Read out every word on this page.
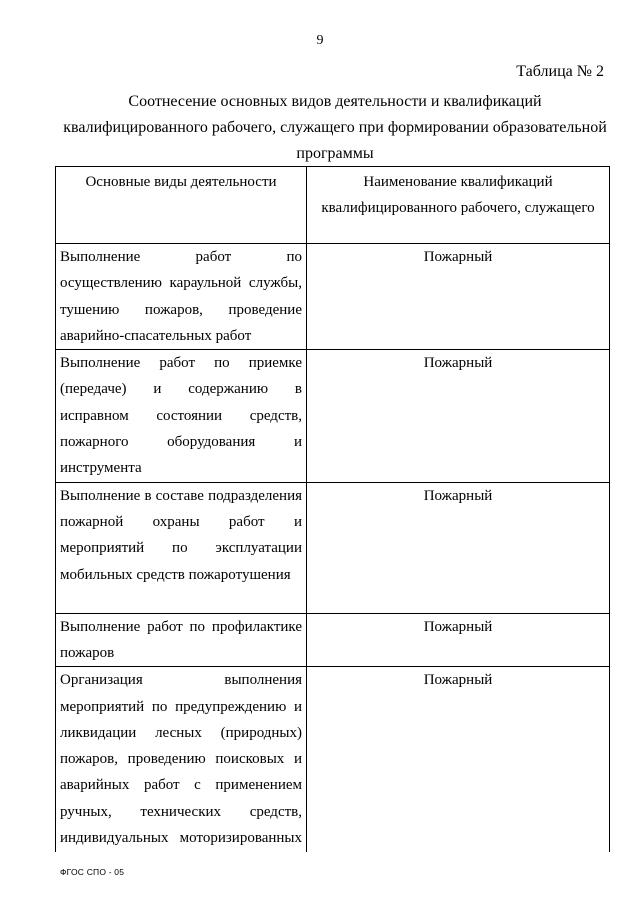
9
Таблица № 2
Соотнесение основных видов деятельности и квалификаций
квалифицированного рабочего, служащего при формировании образовательной
программы
Основные виды деятельности	Наименование квалификаций квалифицированного рабочего, служащего
Выполнение работ по осуществлению караульной службы, тушению пожаров, проведение аварийно-спасательных работ	Пожарный
Выполнение работ по приемке (передаче) и содержанию в исправном состоянии средств, пожарного оборудования и инструмента	Пожарный
Выполнение в составе подразделения пожарной охраны работ и мероприятий по эксплуатации мобильных средств пожаротушения	Пожарный
Выполнение работ по профилактике пожаров	Пожарный
Организация выполнения мероприятий по предупреждению и ликвидации лесных (природных) пожаров, проведению поисковых и аварийных работ с применением ручных, технических средств, индивидуальных моторизированных	Пожарный
ФГОС СПО - 05
